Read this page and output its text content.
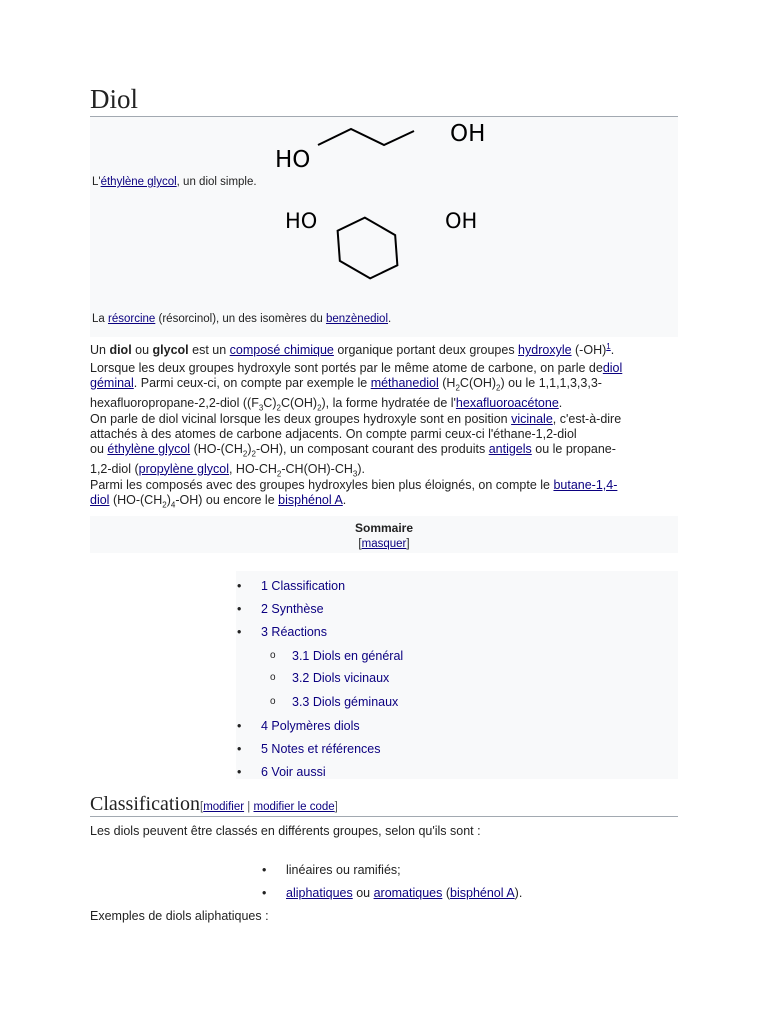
Diol
HO
OH
L'éthylène glycol, un diol simple.
HO	OH
La résorcine (résorcinol), un des isomères du benzènediol.

Un diol ou glycol est un composé chimique organique portant deux groupes hydroxyle $(-OH)^1$.

Lorsque les deux groupes hydroxyle sont portés par le même atome de carbone, on parle dediol
géminal. Parmi ceux-ci, on compte par exemple le méthanediol $(H_2C(OH)_2)$ ou le 1,1,1,3,3,3-
hexafluoropropane-2,2-diol $((F_3C)_2C(OH)_2)$, la forme hydratée de l'hexafluoroacétone.

On parle de diol vicinal lorsque les deux groupes hydroxyle sont en position vicinale, c'est-à-dire
attachés à des atomes de carbone adjacents. On compte parmi ceux-ci l'éthane-1,2-diol
ou éthylène glycol $(HO-(CH_2)_2-OH)$, un composant courant des produits antigels ou le propane-
1,2-diol (propylène glycol, $HO-CH_2-CH(OH)-CH_3$).

Parmi les composés avec des groupes hydroxyles bien plus éloignés, on compte le butane-1,4-
diol $(HO-(CH_2)_4-OH)$ ou encore le bisphénol A.

Sommaire
[masquer]
• 1 Classification
• 2 Synthèse
• 3 Réactions
o 3.1 Diols en général
o 3.2 Diols vicinaux
o 3.3 Diols géminaux
• 4 Polymères diols
• 5 Notes et références
• 6 Voir aussi
Classification[modifier | modifier le code]

Les diols peuvent être classés en différents groupes, selon qu'ils sont :

• linéaires ou ramifiés;
• aliphatiques ou aromatiques (bisphénol A).

Exemples de diols aliphatiques :
